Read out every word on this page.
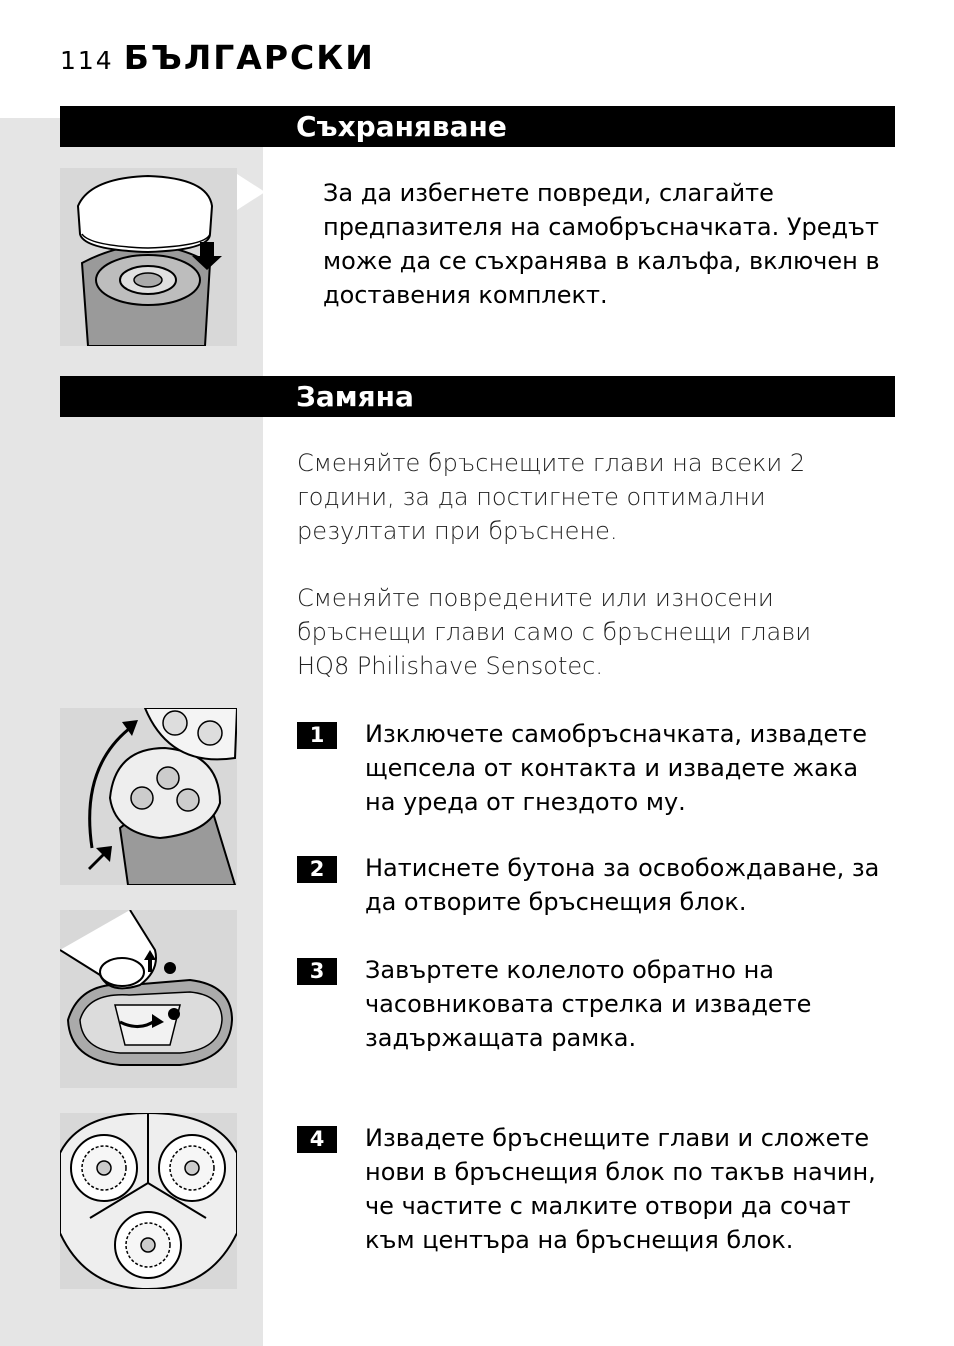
114 БЪЛГАРСКИ
Съхраняване

За да избегнете повреди, слагайте предпазителя на самобръсначката. Уредът може да се съхранява в калъфа, включен в доставения комплект.

Замяна

Сменяйте бръснещите глави на всеки 2 години, за да постигнете оптимални резултати при бръснене.

Сменяйте повредените или износени бръснещи глави само с бръснещи глави HQ8 Philishave Sensotec.

1	Изключете самобръсначката, извадете щепсела от контакта и извадете жака на уреда от гнездото му.

2	Натиснете бутона за освобождаване, за да отворите бръснещия блок.

3	Завъртете колелото обратно на часовниковата стрелка и извадете задържащата рамка.

4	Извадете бръснещите глави и сложете нови в бръснещия блок по такъв начин, че частите с малките отвори да сочат към центъра на бръснещия блок.
